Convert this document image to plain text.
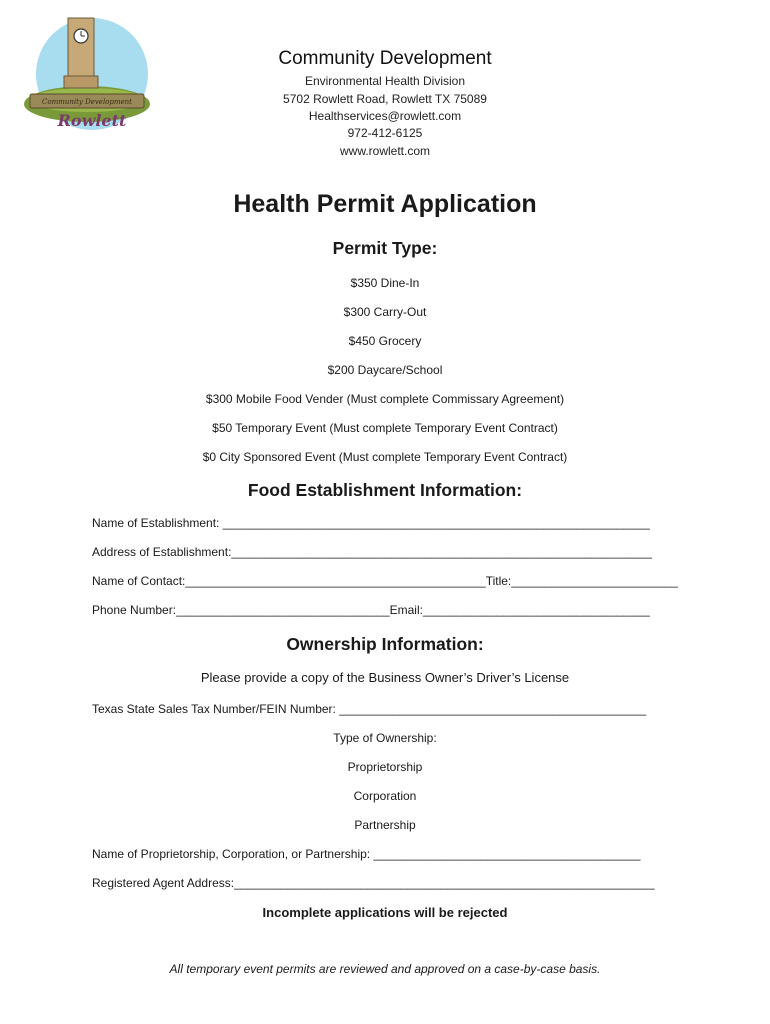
Community Development
Rowlett
Community Development
Environmental Health Division
5702 Rowlett Road, Rowlett TX 75089
Healthservices@rowlett.com
972-412-6125
www.rowlett.com
Health Permit Application
Permit Type:
$350 Dine-In
$300 Carry-Out
$450 Grocery
$200 Daycare/School
$300 Mobile Food Vender (Must complete Commissary Agreement)
$50 Temporary Event (Must complete Temporary Event Contract)
$0 City Sponsored Event (Must complete Temporary Event Contract)
Food Establishment Information:
Name of Establishment: ________________________________________________________________
Address of Establishment:_______________________________________________________________
Name of Contact:_____________________________________________Title:_________________________
Phone Number:________________________________Email:__________________________________
Ownership Information:
Please provide a copy of the Business Owner’s Driver’s License
Texas State Sales Tax Number/FEIN Number: ______________________________________________
Type of Ownership:
Proprietorship
Corporation
Partnership
Name of Proprietorship, Corporation, or Partnership: ________________________________________
Registered Agent Address:_______________________________________________________________
Incomplete applications will be rejected
All temporary event permits are reviewed and approved on a case-by-case basis.
